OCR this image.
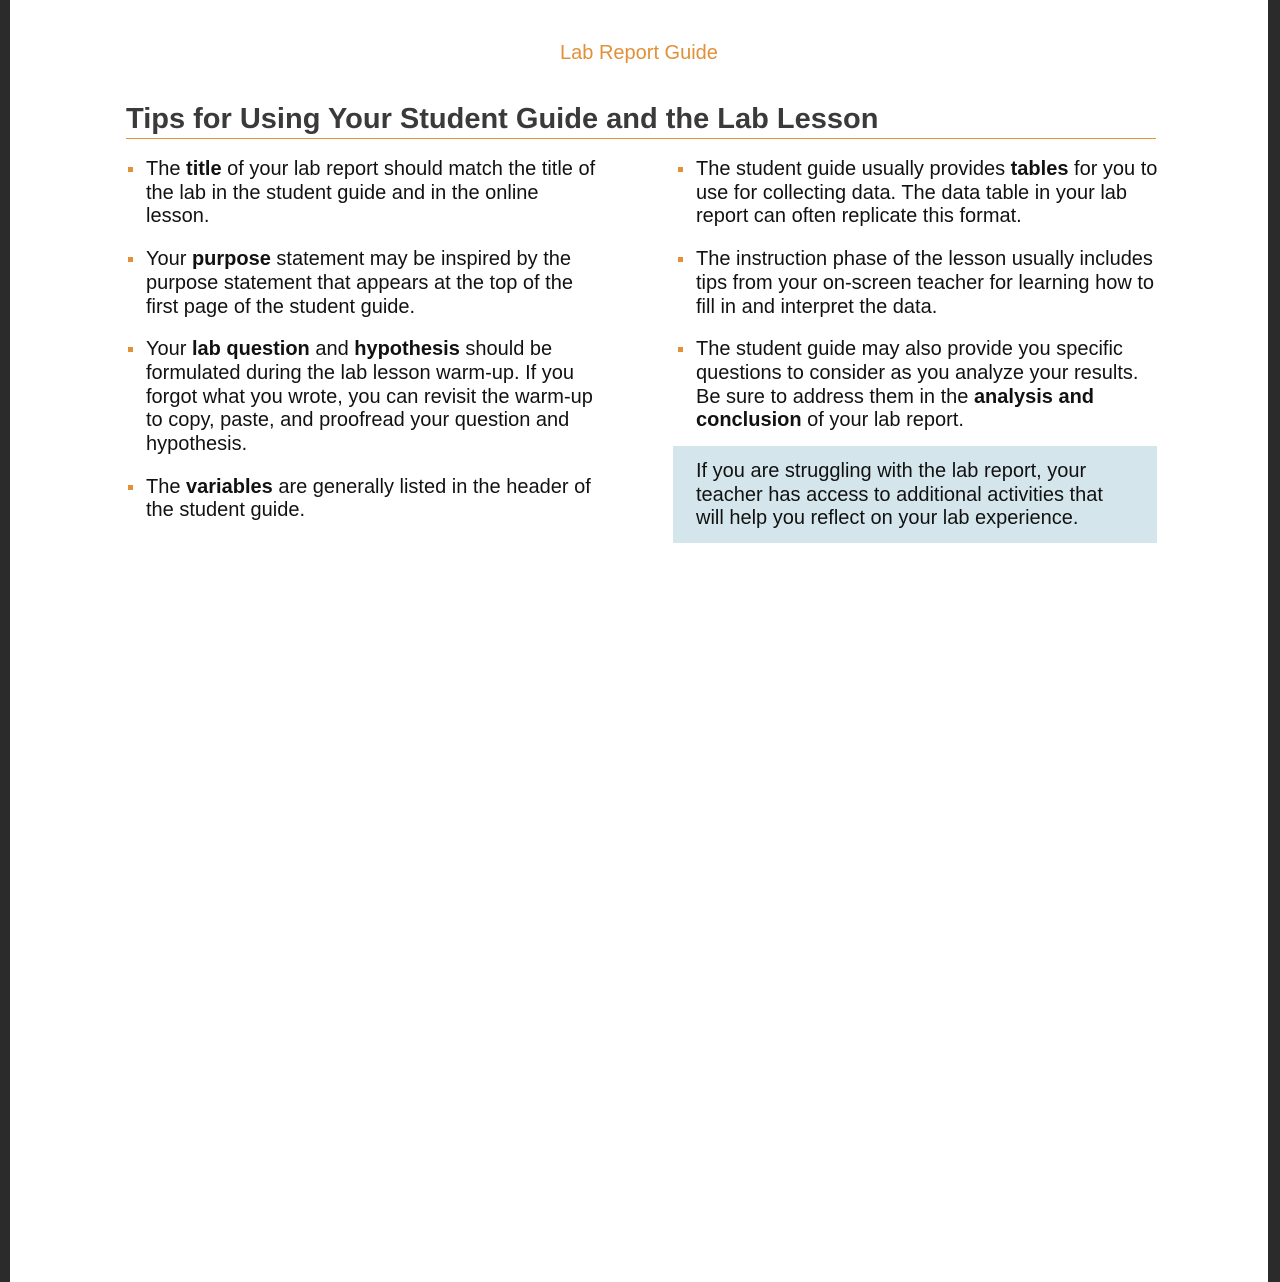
Lab Report Guide
Tips for Using Your Student Guide and the Lab Lesson
The title of your lab report should match the title of the lab in the student guide and in the online lesson.
Your purpose statement may be inspired by the purpose statement that appears at the top of the first page of the student guide.
Your lab question and hypothesis should be formulated during the lab lesson warm-up. If you forgot what you wrote, you can revisit the warm-up to copy, paste, and proofread your question and hypothesis.
The variables are generally listed in the header of the student guide.
The student guide usually provides tables for you to use for collecting data. The data table in your lab report can often replicate this format.
The instruction phase of the lesson usually includes tips from your on-screen teacher for learning how to fill in and interpret the data.
The student guide may also provide you specific questions to consider as you analyze your results. Be sure to address them in the analysis and conclusion of your lab report.
If you are struggling with the lab report, your teacher has access to additional activities that will help you reflect on your lab experience.
